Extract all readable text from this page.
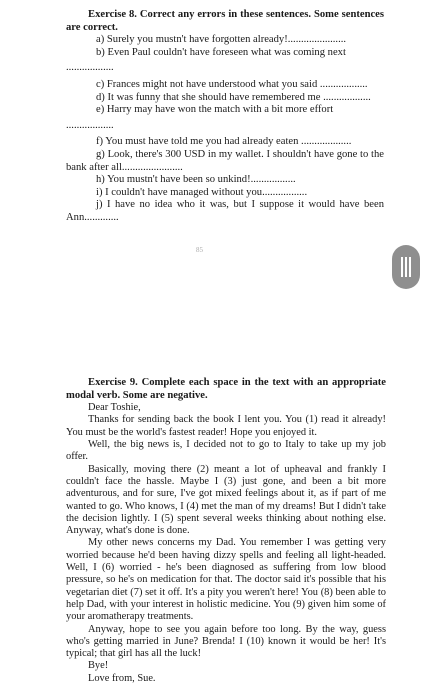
Exercise 8. Correct any errors in these sentences. Some sentences are correct.

a) Surely you mustn't have forgotten already!......................

b) Even Paul couldn't have foreseen what was coming next

..................

c) Frances might not have understood what you said ..................

d) It was funny that she should have remembered me ..................

e) Harry may have won the match with a bit more effort

..................

f) You must have told me you had already eaten ...................

g) Look, there's 300 USD in my wallet. I shouldn't have gone to the bank after all.......................

h) You mustn't have been so unkind!.................

i) I couldn't have managed without you.................

j) I have no idea who it was, but I suppose it would have been Ann.............

85

Exercise 9. Complete each space in the text with an appropriate modal verb. Some are negative.

Dear Toshie,

Thanks for sending back the book I lent you. You (1) read it already! You must be the world's fastest reader! Hope you enjoyed it.

Well, the big news is, I decided not to go to Italy to take up my job offer.

Basically, moving there (2) meant a lot of upheaval and frankly I couldn't face the hassle. Maybe I (3) just gone, and been a bit more adventurous, and for sure, I've got mixed feelings about it, as if part of me wanted to go. Who knows, I (4) met the man of my dreams! But I didn't take the decision lightly. I (5) spent several weeks thinking about nothing else. Anyway, what's done is done.

My other news concerns my Dad. You remember I was getting very worried because he'd been having dizzy spells and feeling all light-headed. Well, I (6) worried - he's been diagnosed as suffering from low blood pressure, so he's on medication for that. The doctor said it's possible that his vegetarian diet (7) set it off. It's a pity you weren't here! You (8) been able to help Dad, with your interest in holistic medicine. You (9) given him some of your aromatherapy treatments.

Anyway, hope to see you again before too long. By the way, guess who's getting married in June? Brenda! I (10) known it would be her! It's typical; that girl has all the luck!

Bye!

Love from, Sue.
